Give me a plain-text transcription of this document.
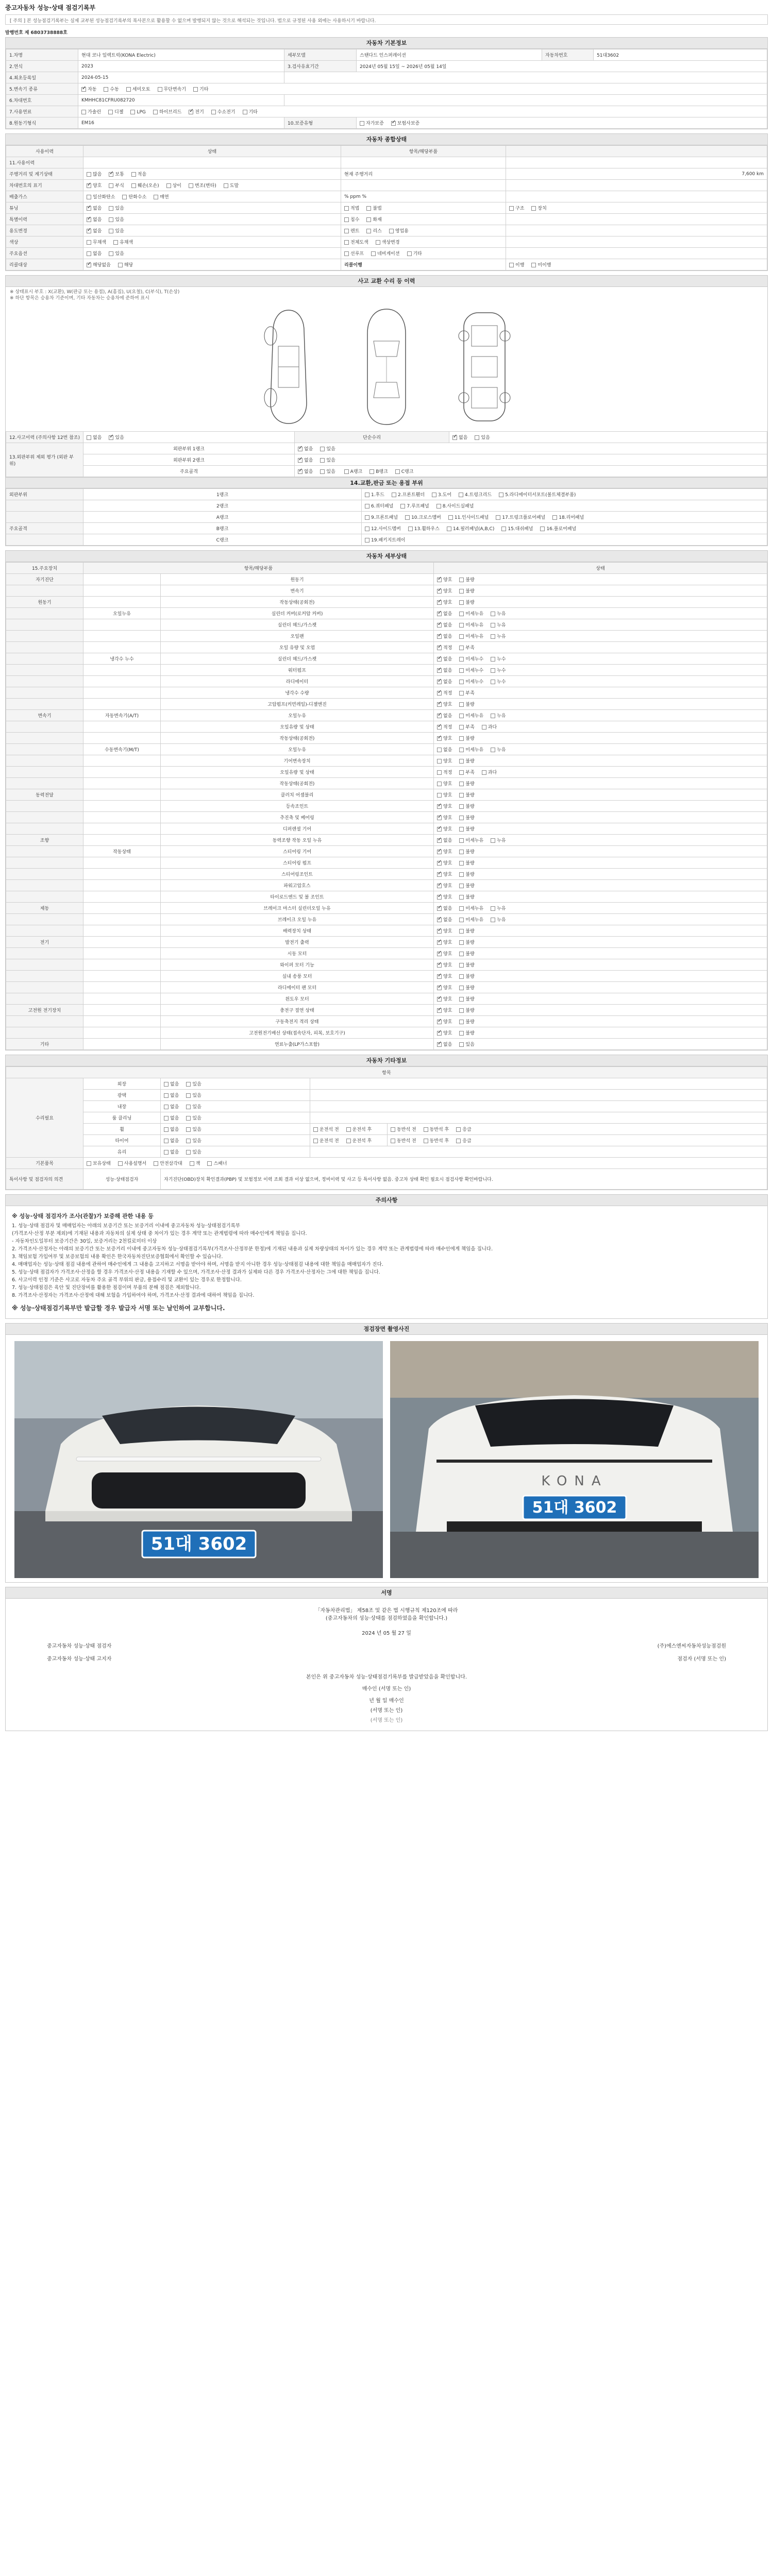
중고자동차 성능·상태 점검기록부
[ 주의 ] 본 성능점검기록부는 실제 교부된 성능점검기록부의 복사본으로 활용할 수 없으며 발행되지 않는 것으로 해석되는 것입니다. 법으로 규정된 사용 외에는 사용하시기 바랍니다.
발행번호 제 6803738888호
자동차 기본정보
1.차명	현대 코나 일렉트릭(KONA Electric)	세부모델	스탠다드 인스퍼레이션	자동차번호	51대3602
2.연식	2023	3.검사유효기간	2024년 05월 15일 ~ 2026년 05월 14일		
4.최초등록일	2024-05-15				
5.변속기 종류	✓자동 수동 세미오토 무단변속기 기타
6.차대번호	KMHHC81CFRU082720				
7.사용연료	가솔린 디젤 LPG 하이브리드 ✓ 전기 수소전기 기타
8.원동기형식	EM16	10.보증유형	자가보증 ✓ 보험사보증
자동차 종합상태
사용이력	상태	항목/해당부품	
11.사용이력			
주행거리 및 계기상태	많음 ✓ 보통 적음	현재 주행거리	7,600 km

차대번호의 표기	✓양호 부식 훼손(오손) 상이 변조(변타) 도말		
배출가스	일산화탄소 탄화수소 매연	% ppm %	
튜닝	✓없음 있음	적법 불법	구조 장치
특별이력	✓없음 있음	침수 화재	
용도변경	✓없음 있음	렌트 리스 영업용	
색상	무채색 유채색	전체도색 색상변경	
주요옵션	없음 있음	선루프 네비게이션 기타	
리콜대상	✓해당없음 해당	리콜이행	이행 미이행
사고 교환 수리 등 이력
※ 상태표시 부호 : X(교환), W(판금 또는 용접), A(흠집), U(요철), C(부식), T(손상)
※ 하단 항목은 승용차 기준이며, 기타 자동차는 승용차에 준하여 표시
12.사고이력 (주의사항 12번 참조)	없음 ✓ 있음	단순수리	✓없음 있음
13.외판부위 제외 평가 (외판 부위)	외판부위 1랭크	✓없음 있음
	외판부위 2랭크	✓없음 있음
	주요골격	✓없음 있음 A랭크 B랭크 C랭크
14.교환,판금 또는 용접 부위
외판부위	1랭크	1.후드 2.프론트휀더 3.도어 4.트렁크리드 5.라디에이터서포트(볼트체결부품)
	2랭크	6.쿼터패널 7.루프패널 8.사이드실패널
	A랭크	9.프론트패널 10.크로스멤버 11.인사이드패널 17.트렁크플로어패널 18.리어패널
주요골격	B랭크	12.사이드멤버 13.휠하우스 14.필러패널(A,B,C) 15.대쉬패널 16.플로어패널
	C랭크	19.패키지트레이
자동차 세부상태
15.주요장치	항목/해당부품		상태
자기진단		원동기	✓양호 불량
		변속기	✓양호 불량
원동기		작동상태(공회전)	✓양호 불량
	오일누유	실린더 커버(로커암 커버)	✓없음 미세누유 누유
		실린더 헤드/가스켓	✓없음 미세누유 누유
		오일팬	✓없음 미세누유 누유
		오일 유량 및 오염	✓적정 부족
	냉각수 누수	실린더 헤드/가스켓	✓없음 미세누수 누수
		워터펌프	✓없음 미세누수 누수
		라디에이터	✓없음 미세누수 누수
		냉각수 수량	✓적정 부족
		고압펌프(커먼레일)-디젤엔진	✓양호 불량
변속기	자동변속기(A/T)	오일누유	✓없음 미세누유 누유
		오일유량 및 상태	✓적정 부족 과다
		작동상태(공회전)	✓양호 불량
	수동변속기(M/T)	오일누유	없음 미세누유 누유
		기어변속장치	양호 불량
		오일유량 및 상태	적정 부족 과다
		작동상태(공회전)	양호 불량
동력전달		클러치 어셈블리	양호 불량
		등속조인트	✓양호 불량
		추진축 및 베어링	✓양호 불량
		디퍼렌셜 기어	✓양호 불량
조향		동력조향 작동 오일 누유	✓없음 미세누유 누유
	작동상태	스티어링 기어	✓양호 불량
		스티어링 펌프	✓양호 불량
		스티어링조인트	✓양호 불량
		파워고압호스	✓양호 불량
		타이로드엔드 및 볼 조인트	✓양호 불량
제동		브레이크 마스터 실린더오일 누유	✓없음 미세누유 누유
		브레이크 오일 누유	✓없음 미세누유 누유
		배력장치 상태	✓양호 불량
전기		발전기 출력	✓양호 불량
		시동 모터	✓양호 불량
		와이퍼 모터 기능	✓양호 불량
		실내 송풍 모터	✓양호 불량
		라디에이터 팬 모터	✓양호 불량
		윈도우 모터	✓양호 불량
고전원 전기장치		충전구 절연 상태	✓양호 불량
		구동축전지 격리 상태	✓양호 불량
		고전원전기배선 상태(접속단자, 피복, 보호기구)	✓양호 불량
기타		연료누출(LP가스포함)	✓없음 있음
자동차 기타정보
항목				
수리필요	외장	없음 있음		
	광택	없음 있음		
	내장	없음 있음		
	룸 클리닝	없음 있음		
	휠	없음 있음	운전석 전 운전석 후	동반석 전 동반석 후 응급
	타이어	없음 있음	운전석 전 운전석 후	동반석 전 동반석 후 응급
	유리	없음 있음		
기본품목	보유상태 사용설명서 안전삼각대 잭 스패너			
특이사항 및 점검자의 의견	성능·상태점검자	자기진단(OBD)장치 확인결과(PBP) 및 보험정보 이력 조회 결과 이상 없으며, 정비이력 및 사고 등 특이사항 없음. 중고차 상태 확인 필요시 점검사항 확인바랍니다.		
주의사항
※ 성능·상태 점검자가 조사(관찰)가 보증해 관한 내용 등
1. 성능·상태 점검자 및 매매업자는 아래의 보증기간 또는 보증거리 이내에 중고자동차 성능·상태점검기록부
(가격조사·산정 부분 제외)에 기재된 내용과 자동차의 실제 상태 중 차이가 있는 경우 계약 또는 관계법령에 따라 매수인에게 책임을 집니다.
- 자동차인도일부터 보증기간은 30일, 보증거리는 2천킬로미터 이상
2. 가격조사·산정자는 아래의 보증기간 또는 보증거리 이내에 중고자동차 성능·상태점검기록부(가격조사·산정부분 한정)에 기재된 내용과 실제 차량상태의 차이가 있는 경우 계약 또는 관계법령에 따라 매수인에게 책임을 집니다.
3. 책임보험 가입여부 및 보증보험의 내용 확인은 한국자동차진단보증협회에서 확인할 수 있습니다.
4. 매매업자는 성능·상태 점검 내용에 관하여 매수인에게 그 내용을 고지하고 서명을 받아야 하며, 서명을 받지 아니한 경우 성능·상태점검 내용에 대한 책임을 매매업자가 진다.
5. 성능·상태 점검자가 가격조사·산정을 할 경우 가격조사·산정 내용을 기재할 수 있으며, 가격조사·산정 결과가 실제와 다른 경우 가격조사·산정자는 그에 대한 책임을 집니다.
6. 사고이력 인정 기준은 사고로 자동차 주요 골격 부위의 판금, 용접수리 및 교환이 있는 경우로 한정합니다.
7. 성능·상태점검은 육안 및 진단장비를 활용한 점검이며 부품의 분해 점검은 제외합니다.
8. 가격조사·산정자는 가격조사·산정에 대해 보험을 가입하여야 하며, 가격조사·산정 결과에 대하여 책임을 집니다.
※ 성능·상태점검기록부만 발급할 경우 발급자 서명 또는 날인하여 교부합니다.
점검장면 촬영사진
51대 3602
KONA
51대 3602
서명
「자동차관리법」 제58조 및 같은 법 시행규칙 제120조에 따라
(중고자동차의 성능·상태를 점검하였음을 확인합니다.)
2024 년 05 월 27 일
중고자동차 성능·상태 점검자	(주)에스엔씨자동차성능점검원
중고자동차 성능·상태 고지자	점검자 (서명 또는 인)
본인은 위 중고자동차 성능·상태점검기록부를 발급받았음을 확인합니다.
매수인 (서명 또는 인)
년 월 일 매수인
(서명 또는 인)
(서명 또는 인)
